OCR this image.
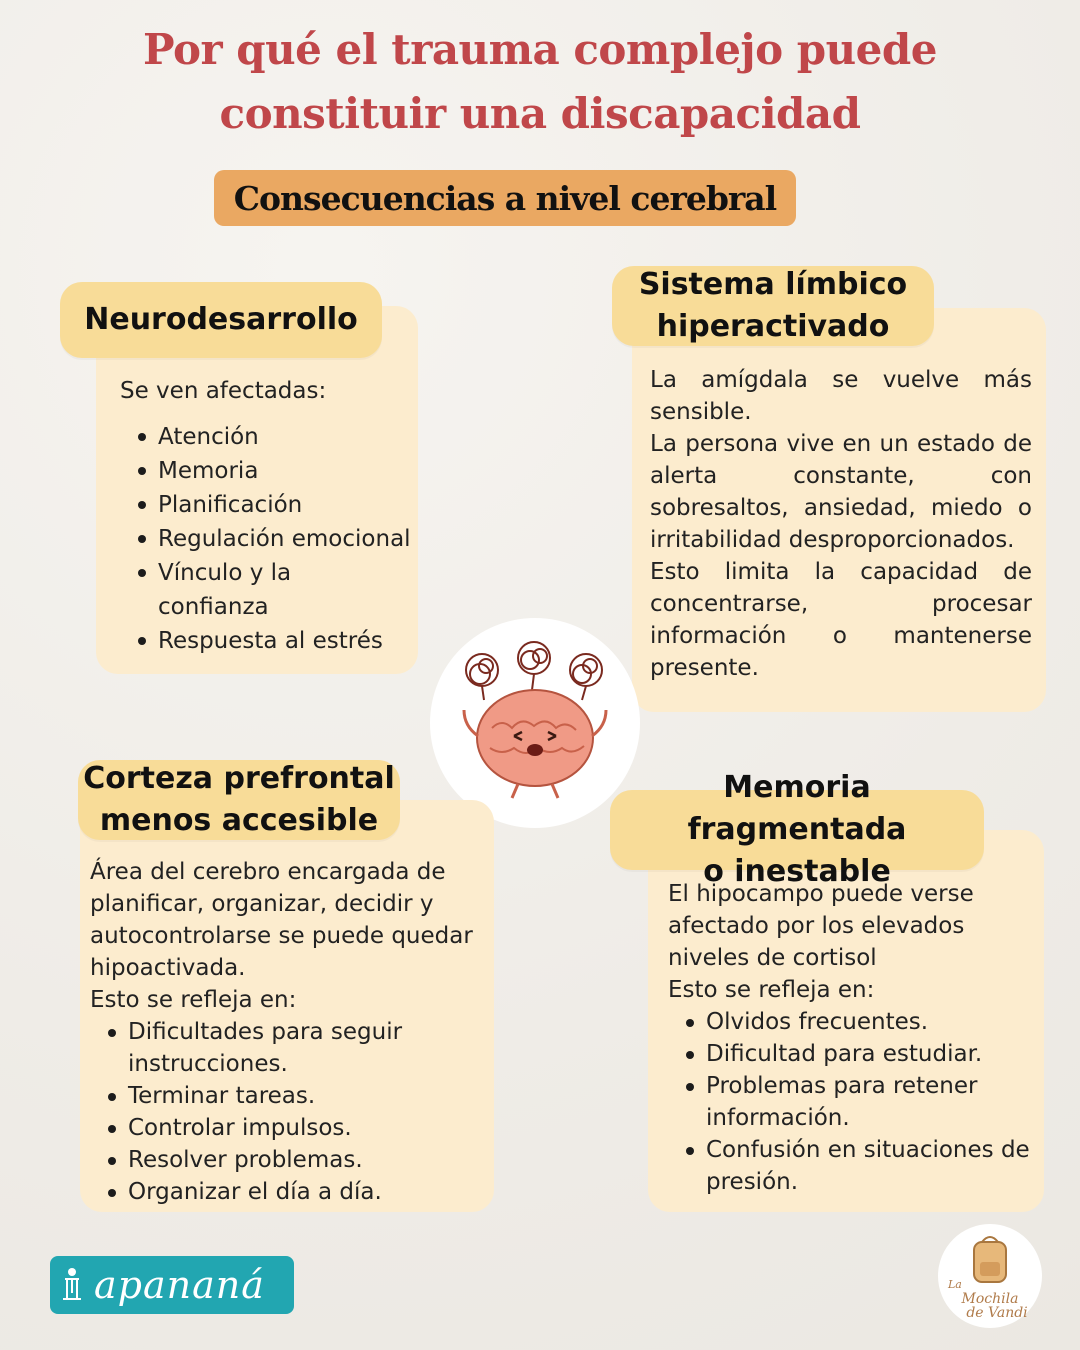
Por qué el trauma complejo puede
constituir una discapacidad
Consecuencias a nivel cerebral
Neurodesarrollo

Se ven afectadas:

Atención
Memoria
Planificación
Regulación emocional
Vínculo y la confianza
Respuesta al estrés
Sistema límbico
hiperactivado

La amígdala se vuelve más sensible.

La persona vive en un estado de alerta constante, con sobresaltos, ansiedad, miedo o irritabilidad desproporcionados.

Esto limita la capacidad de concentrarse, procesar información o mantenerse presente.

Corteza prefrontal
menos accesible

Área del cerebro encargada de planificar, organizar, decidir y autocontrolarse se puede quedar hipoactivada.

Esto se refleja en:

Dificultades para seguir instrucciones.
Terminar tareas.
Controlar impulsos.
Resolver problemas.
Organizar el día a día.
Memoria fragmentada
o inestable

El hipocampo puede verse afectado por los elevados niveles de cortisol

Esto se refleja en:

Olvidos frecuentes.
Dificultad para estudiar.
Problemas para retener información.
Confusión en situaciones de presión.
apananá	La
Mochila
de Vandi
